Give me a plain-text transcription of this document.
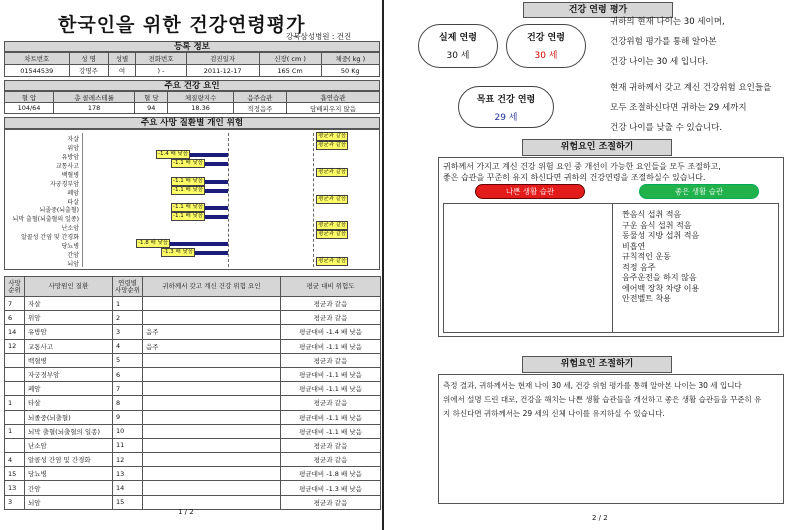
한국인을 위한 건강연령평가
강북삼성병원 : 건진
등록 정보
차트번호	성 명	성별	전화번호	검진일자	신장( cm )	체중( kg )
01544539	강명주	여	) -	2011-12-17	165 Cm	50 Kg
주요 건강 요인
혈 압	총 콜레스테롤	혈 당	체질량지수	음주습관	흡연습관
104/64	178	94	18.36	적정음주	담배피우지 않음
주요 사망 질환별 개인 위험
평균과 같음
평균과 같음
-1.4 배 낮음
-1.1 배 낮음
평균과 같음
-1.1 배 낮음
-1.1 배 낮음
평균과 같음
-1.1 배 낮음
-1.1 배 낮음
평균과 같음
평균과 같음
-1.8 배 낮음
-1.3 배 낮음
평균과 같음
자살
위암
유방암
교통사고
백혈병
자궁경부암
폐암
타살
뇌졸중(뇌출혈)
뇌막 출혈(뇌출혈의 일종)
난소암
알콜성 간염 및 간경화
당뇨병
간암
뇌암
사망
순위	사망원인 질환	연령별
사망순위	귀하께서 갖고 계신 건강 위험 요인	평균 대비 위험도
7	자살	1		평균과 같음
6	위암	2		평균과 같음
14	유방암	3	음주	평균대비 -1.4 배 낮음
12	교통사고	4	음주	평균대비 -1.1 배 낮음
	백혈병	5		평균과 같음
	자궁경부암	6		평균대비 -1.1 배 낮음
	폐암	7		평균대비 -1.1 배 낮음
1	타살	8		평균과 같음
	뇌졸중(뇌출혈)	9		평균대비 -1.1 배 낮음
1	뇌막 출혈(뇌출혈의 일종)	10		평균대비 -1.1 배 낮음
	난소암	11		평균과 같음
4	알콜성 간염 및 간경화	12		평균과 같음
15	당뇨병	13		평균대비 -1.8 배 낮음
13	간암	14		평균대비 -1.3 배 낮음
3	뇌암	15		평균과 같음
1 / 2
건강 연령 평가
실제 연령
30 세
건강 연령
30 세
목표 건강 연령
29 세
귀하의 현재 나이는 30 세이며,
건강위험 평가를 통해 알아본
건강 나이는 30 세 입니다.
현재 귀하께서 갖고 계신 건강위험 요인들을
모두 조절하신다면 귀하는 29 세까지
건강 나이를 낮출 수 있습니다.
위험요인 조절하기
귀하께서 가지고 계신 건강 위험 요인 중 개선이 가능한 요인들을 모두 조절하고,
좋은 습관을 꾸준히 유지 하신다면 귀하의 건강연령을 조절하실수 있습니다.
나쁜 생활 습관	좋은 생활 습관
짠음식 섭취 적음
구운 음식 섭취 적음
동물성 지방 섭취 적음
비흡연
규칙적인 운동
적정 음주
음주운전을 하지 않음
에어백 장착 차량 이용
안전벨트 착용
위험요인 조절하기
측정 결과, 귀하께서는 현재 나이 30 세, 건강 위험 평가를 통해 알아본 나이는 30 세 입니다
위에서 설명 드린 대로, 건강을 해치는 나쁜 생활 습관들을 개선하고 좋은 생활 습관들을 꾸준히 유
지 하신다면 귀하께서는 29 세의 신체 나이를 유지하실 수 있습니다.
2 / 2
